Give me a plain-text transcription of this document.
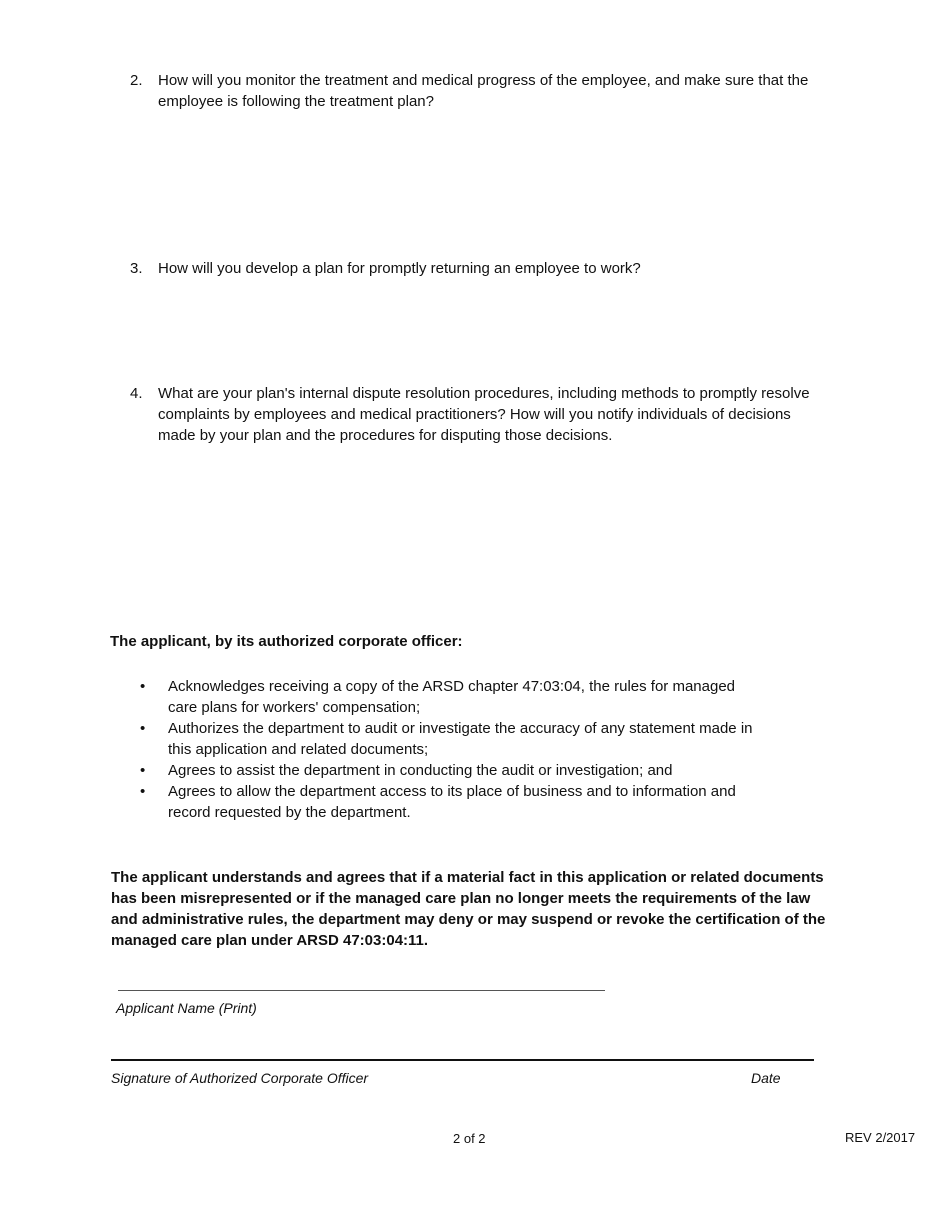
2. How will you monitor the treatment and medical progress of the employee, and make sure that the employee is following the treatment plan?
3. How will you develop a plan for promptly returning an employee to work?
4. What are your plan's internal dispute resolution procedures, including methods to promptly resolve complaints by employees and medical practitioners? How will you notify individuals of decisions made by your plan and the procedures for disputing those decisions.
The applicant, by its authorized corporate officer:
• Acknowledges receiving a copy of the ARSD chapter 47:03:04, the rules for managed care plans for workers' compensation;
• Authorizes the department to audit or investigate the accuracy of any statement made in this application and related documents;
• Agrees to assist the department in conducting the audit or investigation; and
• Agrees to allow the department access to its place of business and to information and record requested by the department.
The applicant understands and agrees that if a material fact in this application or related documents has been misrepresented or if the managed care plan no longer meets the requirements of the law and administrative rules, the department may deny or may suspend or revoke the certification of the managed care plan under ARSD 47:03:04:11.
Applicant Name (Print)
Signature of Authorized Corporate Officer	Date
2 of 2	REV 2/2017
